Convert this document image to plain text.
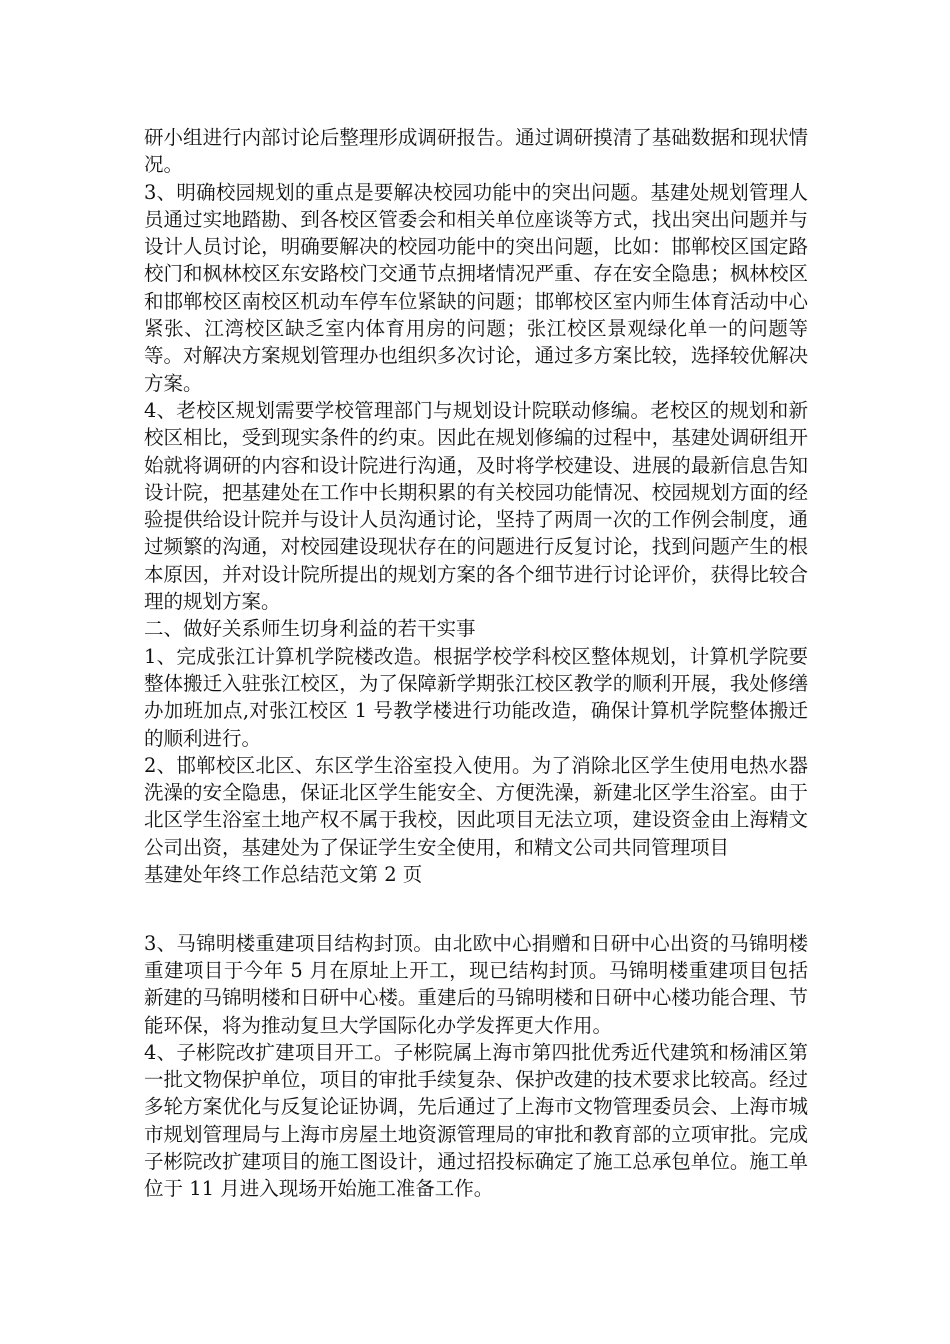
研小组进行内部讨论后整理形成调研报告。通过调研摸清了基础数据和现状情况。

3、明确校园规划的重点是要解决校园功能中的突出问题。基建处规划管理人员通过实地踏勘、到各校区管委会和相关单位座谈等方式，找出突出问题并与设计人员讨论，明确要解决的校园功能中的突出问题，比如：邯郸校区国定路校门和枫林校区东安路校门交通节点拥堵情况严重、存在安全隐患；枫林校区和邯郸校区南校区机动车停车位紧缺的问题；邯郸校区室内师生体育活动中心紧张、江湾校区缺乏室内体育用房的问题；张江校区景观绿化单一的问题等等。对解决方案规划管理办也组织多次讨论，通过多方案比较，选择较优解决方案。

4、老校区规划需要学校管理部门与规划设计院联动修编。老校区的规划和新校区相比，受到现实条件的约束。因此在规划修编的过程中，基建处调研组开始就将调研的内容和设计院进行沟通，及时将学校建设、进展的最新信息告知设计院，把基建处在工作中长期积累的有关校园功能情况、校园规划方面的经验提供给设计院并与设计人员沟通讨论，坚持了两周一次的工作例会制度，通过频繁的沟通，对校园建设现状存在的问题进行反复讨论，找到问题产生的根本原因，并对设计院所提出的规划方案的各个细节进行讨论评价，获得比较合理的规划方案。

二、做好关系师生切身利益的若干实事

1、完成张江计算机学院楼改造。根据学校学科校区整体规划，计算机学院要整体搬迁入驻张江校区，为了保障新学期张江校区教学的顺利开展，我处修缮办加班加点,对张江校区 1 号教学楼进行功能改造，确保计算机学院整体搬迁的顺利进行。

2、邯郸校区北区、东区学生浴室投入使用。为了消除北区学生使用电热水器洗澡的安全隐患，保证北区学生能安全、方便洗澡，新建北区学生浴室。由于北区学生浴室土地产权不属于我校，因此项目无法立项，建设资金由上海精文公司出资，基建处为了保证学生安全使用，和精文公司共同管理项目

基建处年终工作总结范文第 2 页

3、马锦明楼重建项目结构封顶。由北欧中心捐赠和日研中心出资的马锦明楼重建项目于今年 5 月在原址上开工，现已结构封顶。马锦明楼重建项目包括新建的马锦明楼和日研中心楼。重建后的马锦明楼和日研中心楼功能合理、节能环保，将为推动复旦大学国际化办学发挥更大作用。

4、子彬院改扩建项目开工。子彬院属上海市第四批优秀近代建筑和杨浦区第一批文物保护单位，项目的审批手续复杂、保护改建的技术要求比较高。经过多轮方案优化与反复论证协调，先后通过了上海市文物管理委员会、上海市城市规划管理局与上海市房屋土地资源管理局的审批和教育部的立项审批。完成子彬院改扩建项目的施工图设计，通过招投标确定了施工总承包单位。施工单位于 11 月进入现场开始施工准备工作。
